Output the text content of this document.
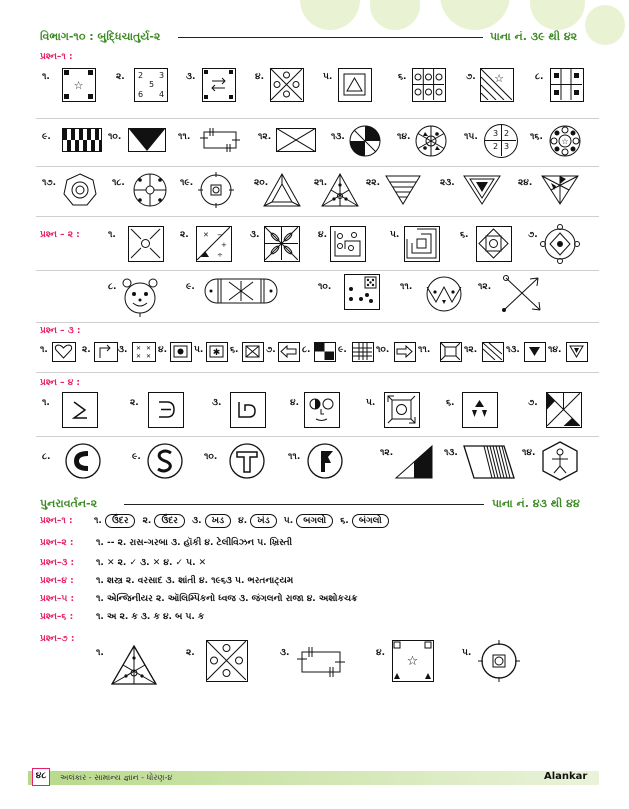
વિભાગ-૧૦ : બુદ્ધિચાતુર્ય-૨	પાના નં. ૩૯ થી ૪૨
પ્રશ્ન–૧ :
૧.
☆
૨. 2 3
5
6 4
૩.	૪.	૫.	૬.	૭. ☆	૮.
૯.	૧૦.	૧૧.	૧૨.	૧૩.	૧૪.	૧૫. 3 2
3
2
૧૬. ☆
૧૭.	૧૮.	૧૯.	૨૦.	૨૧.	૨૨.	૨૩.	૨૪.
પ્રશ્ન – ૨ :	૧.	૨. ✕ −
+
÷
૩.	૪.	૫.	૬.	૭.
૮.	૯.	૧૦.	૧૧.	૧૨.
પ્રશ્ન – ૩ :
૧.	૨.	૩. ✕ ✕
✕ ✕
૪.	૫. ✱ ૬.	૭.	૮.	૯.	૧૦.	૧૧.	૧૨.	૧૩.	૧૪.
પ્રશ્ન – ૪ :
૧.	૨.	૩.	૪.	૫.	૬.	૭.
૮.	૯.	૧૦.	૧૧.	૧૨.	૧૩.	૧૪.
પુનરાવર્તન-૨	પાના નં. ૪૩ થી ૪૪
પ્રશ્ન–૧ : ૧. ઉંદર ૨. ઉંદર ૩. ખડ ૪. ખંડ ૫. બગલો ૬. બંગલો
પ્રશ્ન–૨ :	૧. -- ૨. રાસ-ગરબા ૩. હૉકી ૪. ટેલીવિઝન ૫. ખ્રિસ્તી
પ્રશ્ન–૩ : ૧. ✕ ૨. ✓ ૩. ✕ ૪. ✓ ૫. ✕
પ્રશ્ન–૪ : ૧. શસ્ત્ર ૨. વરસાદ ૩. શાંતી ૪. ૧૯૬૩ ૫. ભરતનાટ્યમ
પ્રશ્ન–૫ : ૧. એન્જિનીયર ૨. ઑલિમ્પિકનો ધ્વજ ૩. જંગલનો રાજા ૪. અશોકચક્ર
પ્રશ્ન–૬ :	૧. અ ૨. ક ૩. ક ૪. બ ૫. ક
પ્રશ્ન–૭ :
૧.	૨.	૩.	૪.
☆
૫.
૪૮	અલંકાર - સામાન્ય જ્ઞાન - ધોરણ-૪	Alankar
